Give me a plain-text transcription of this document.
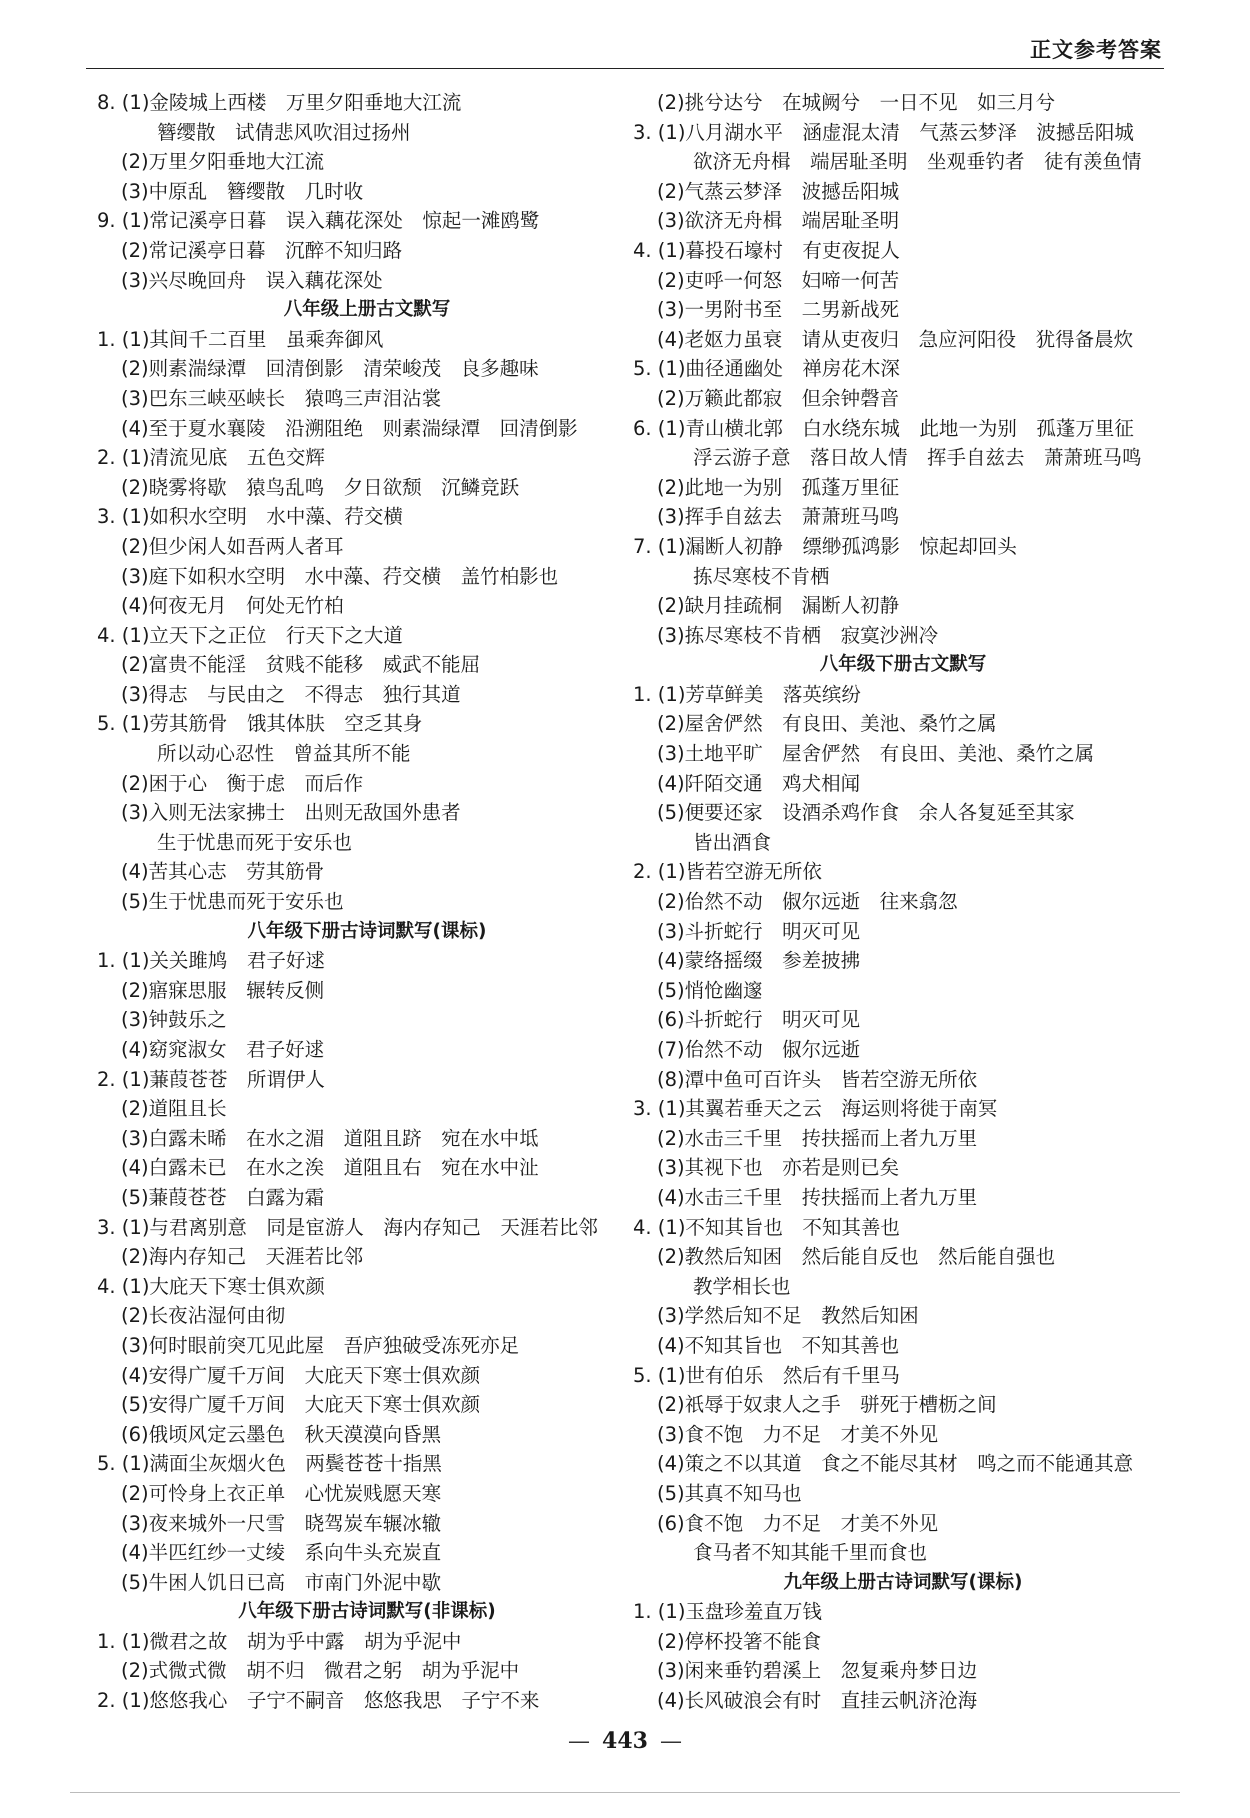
正文参考答案
8. (1)金陵城上西楼　万里夕阳垂地大江流
簪缨散　试倩悲风吹泪过扬州
(2)万里夕阳垂地大江流
(3)中原乱　簪缨散　几时收
9. (1)常记溪亭日暮　误入藕花深处　惊起一滩鸥鹭
(2)常记溪亭日暮　沉醉不知归路
(3)兴尽晚回舟　误入藕花深处
八年级上册古文默写
1. (1)其间千二百里　虽乘奔御风
(2)则素湍绿潭　回清倒影　清荣峻茂　良多趣味
(3)巴东三峡巫峡长　猿鸣三声泪沾裳
(4)至于夏水襄陵　沿溯阻绝　则素湍绿潭　回清倒影
2. (1)清流见底　五色交辉
(2)晓雾将歇　猿鸟乱鸣　夕日欲颓　沉鳞竞跃
3. (1)如积水空明　水中藻、荇交横
(2)但少闲人如吾两人者耳
(3)庭下如积水空明　水中藻、荇交横　盖竹柏影也
(4)何夜无月　何处无竹柏
4. (1)立天下之正位　行天下之大道
(2)富贵不能淫　贫贱不能移　威武不能屈
(3)得志　与民由之　不得志　独行其道
5. (1)劳其筋骨　饿其体肤　空乏其身
所以动心忍性　曾益其所不能
(2)困于心　衡于虑　而后作
(3)入则无法家拂士　出则无敌国外患者
生于忧患而死于安乐也
(4)苦其心志　劳其筋骨
(5)生于忧患而死于安乐也
八年级下册古诗词默写(课标)
1. (1)关关雎鸠　君子好逑
(2)寤寐思服　辗转反侧
(3)钟鼓乐之
(4)窈窕淑女　君子好逑
2. (1)蒹葭苍苍　所谓伊人
(2)道阻且长
(3)白露未晞　在水之湄　道阻且跻　宛在水中坻
(4)白露未已　在水之涘　道阻且右　宛在水中沚
(5)蒹葭苍苍　白露为霜
3. (1)与君离别意　同是宦游人　海内存知己　天涯若比邻
(2)海内存知己　天涯若比邻
4. (1)大庇天下寒士俱欢颜
(2)长夜沾湿何由彻
(3)何时眼前突兀见此屋　吾庐独破受冻死亦足
(4)安得广厦千万间　大庇天下寒士俱欢颜
(5)安得广厦千万间　大庇天下寒士俱欢颜
(6)俄顷风定云墨色　秋天漠漠向昏黑
5. (1)满面尘灰烟火色　两鬓苍苍十指黑
(2)可怜身上衣正单　心忧炭贱愿天寒
(3)夜来城外一尺雪　晓驾炭车辗冰辙
(4)半匹红纱一丈绫　系向牛头充炭直
(5)牛困人饥日已高　市南门外泥中歇
八年级下册古诗词默写(非课标)
1. (1)微君之故　胡为乎中露　胡为乎泥中
(2)式微式微　胡不归　微君之躬　胡为乎泥中
2. (1)悠悠我心　子宁不嗣音　悠悠我思　子宁不来
(2)挑兮达兮　在城阙兮　一日不见　如三月兮
3. (1)八月湖水平　涵虚混太清　气蒸云梦泽　波撼岳阳城
欲济无舟楫　端居耻圣明　坐观垂钓者　徒有羡鱼情
(2)气蒸云梦泽　波撼岳阳城
(3)欲济无舟楫　端居耻圣明
4. (1)暮投石壕村　有吏夜捉人
(2)吏呼一何怒　妇啼一何苦
(3)一男附书至　二男新战死
(4)老妪力虽衰　请从吏夜归　急应河阳役　犹得备晨炊
5. (1)曲径通幽处　禅房花木深
(2)万籁此都寂　但余钟磬音
6. (1)青山横北郭　白水绕东城　此地一为别　孤蓬万里征
浮云游子意　落日故人情　挥手自兹去　萧萧班马鸣
(2)此地一为别　孤蓬万里征
(3)挥手自兹去　萧萧班马鸣
7. (1)漏断人初静　缥缈孤鸿影　惊起却回头
拣尽寒枝不肯栖
(2)缺月挂疏桐　漏断人初静
(3)拣尽寒枝不肯栖　寂寞沙洲冷
八年级下册古文默写
1. (1)芳草鲜美　落英缤纷
(2)屋舍俨然　有良田、美池、桑竹之属
(3)土地平旷　屋舍俨然　有良田、美池、桑竹之属
(4)阡陌交通　鸡犬相闻
(5)便要还家　设酒杀鸡作食　余人各复延至其家
皆出酒食
2. (1)皆若空游无所依
(2)佁然不动　俶尔远逝　往来翕忽
(3)斗折蛇行　明灭可见
(4)蒙络摇缀　参差披拂
(5)悄怆幽邃
(6)斗折蛇行　明灭可见
(7)佁然不动　俶尔远逝
(8)潭中鱼可百许头　皆若空游无所依
3. (1)其翼若垂天之云　海运则将徙于南冥
(2)水击三千里　抟扶摇而上者九万里
(3)其视下也　亦若是则已矣
(4)水击三千里　抟扶摇而上者九万里
4. (1)不知其旨也　不知其善也
(2)教然后知困　然后能自反也　然后能自强也
教学相长也
(3)学然后知不足　教然后知困
(4)不知其旨也　不知其善也
5. (1)世有伯乐　然后有千里马
(2)祇辱于奴隶人之手　骈死于槽枥之间
(3)食不饱　力不足　才美不外见
(4)策之不以其道　食之不能尽其材　鸣之而不能通其意
(5)其真不知马也
(6)食不饱　力不足　才美不外见
食马者不知其能千里而食也
九年级上册古诗词默写(课标)
1. (1)玉盘珍羞直万钱
(2)停杯投箸不能食
(3)闲来垂钓碧溪上　忽复乘舟梦日边
(4)长风破浪会有时　直挂云帆济沧海
— 443 —
